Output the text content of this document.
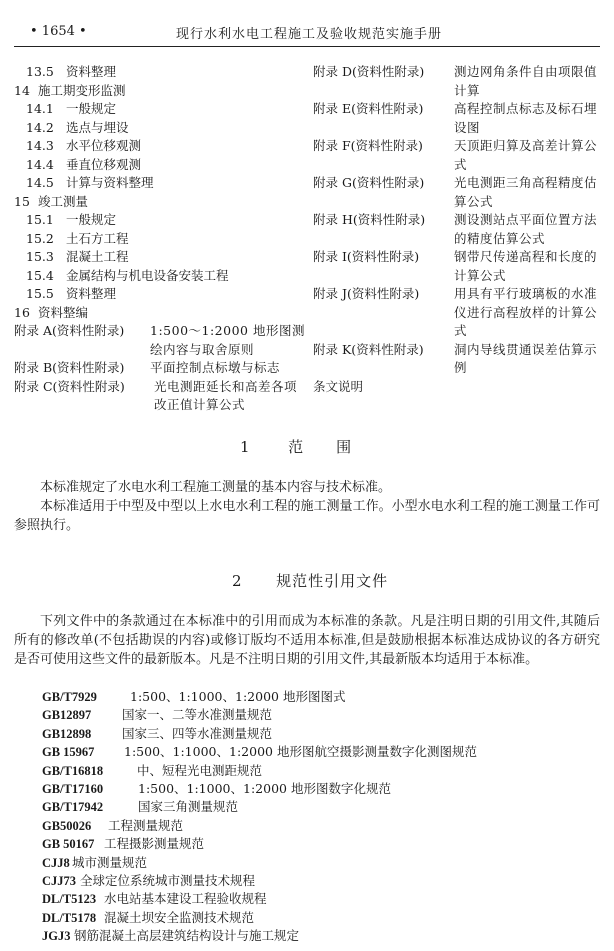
• 1654 •	现行水利水电工程施工及验收规范实施手册
13.5 资料整理
14 施工期变形监测
14.1 一般规定
14.2 选点与埋设
14.3 水平位移观测
14.4 垂直位移观测
14.5 计算与资料整理
15 竣工测量
15.1 一般规定
15.2 土石方工程
15.3 混凝土工程
15.4 金属结构与机电设备安装工程
15.5 资料整理
16 资料整编
附录 A(资料性附录) 1:500～1:2000 地形图测绘内容与取舍原则
附录 B(资料性附录) 平面控制点标墩与标志
附录 C(资料性附录) 光电测距延长和高差各项改正值计算公式
附录 D(资料性附录) 测边网角条件自由项限值计算
附录 E(资料性附录) 高程控制点标志及标石埋设图
附录 F(资料性附录) 天顶距归算及高差计算公式
附录 G(资料性附录) 光电测距三角高程精度估算公式
附录 H(资料性附录) 测设测站点平面位置方法的精度估算公式
附录 I(资料性附录)	钢带尺传递高程和长度的计算公式
附录 J(资料性附录)	用具有平行玻璃板的水准仪进行高程放样的计算公式
附录 K(资料性附录) 洞内导线贯通误差估算示例
条文说明
1	范　　围
本标准规定了水电水利工程施工测量的基本内容与技术标准。
本标准适用于中型及中型以上水电水利工程的施工测量工作。小型水电水利工程的施工测量工作可参照执行。
2 规范性引用文件
下列文件中的条款通过在本标准中的引用而成为本标准的条款。凡是注明日期的引用文件,其随后所有的修改单(不包括勘误的内容)或修订版均不适用本标准,但是鼓励根据本标准达成协议的各方研究是否可使用这些文件的最新版本。凡是不注明日期的引用文件,其最新版本均适用于本标准。
GB/T7929	1:500、1:1000、1:2000 地形图图式
GB12897 国家一、二等水准测量规范
GB12898 国家三、四等水准测量规范
GB 15967 1:500、1:1000、1:2000 地形图航空摄影测量数字化测图规范
GB/T16818	中、短程光电测距规范
GB/T17160	1:500、1:1000、1:2000 地形图数字化规范
GB/T17942	国家三角测量规范
GB50026 工程测量规范
GB 50167 工程摄影测量规范
CJJ8 城市测量规范
CJJ73 全球定位系统城市测量技术规程
DL/T5123 水电站基本建设工程验收规程
DL/T5178 混凝土坝安全监测技术规范
JGJ3 钢筋混凝土高层建筑结构设计与施工规定
